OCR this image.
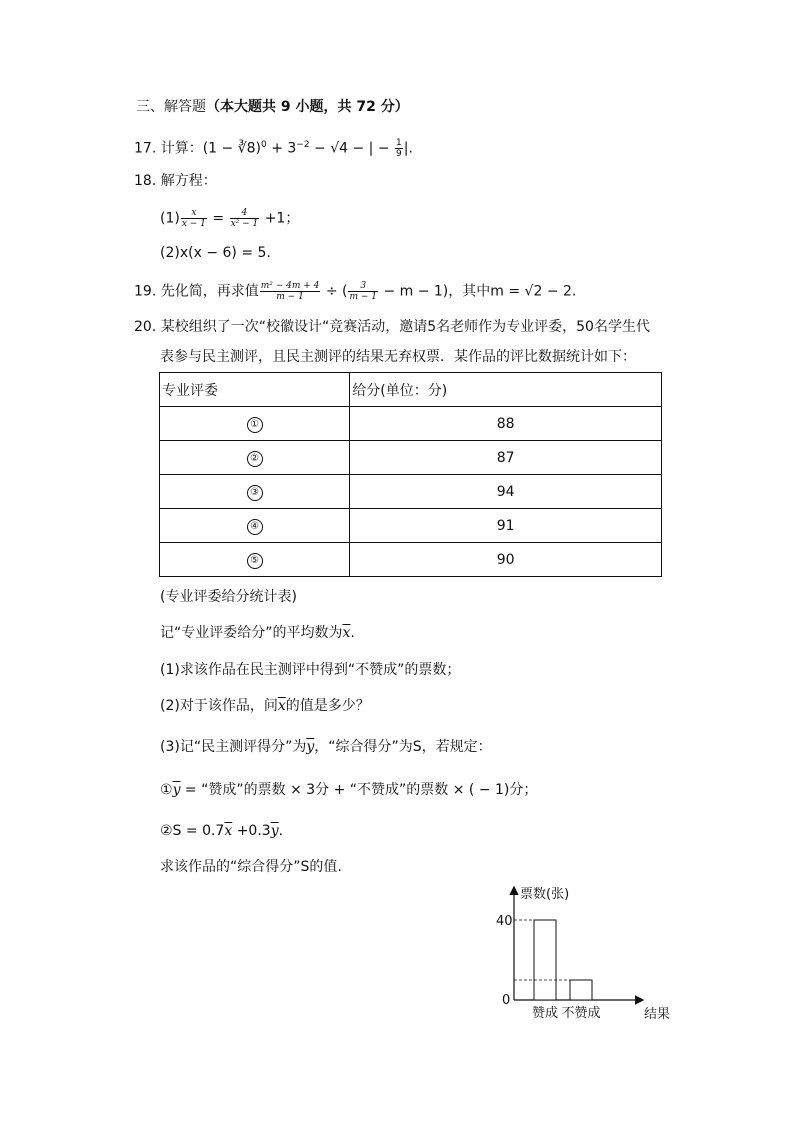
三、解答题（本大题共 9 小题，共 72 分）
17. 计算：(1 − ∛8)$^0$ + $3^{-2} - √4$ − | − $\frac{1}{9}$ |.
18. 解方程：
$(1) \frac{x}{x - 1} = \frac{4}{\text{x² − 1}} +1$；
(2)x(x − 6) = 5.
19. 先化简，再求值 $\frac{\text{m² − 4m + 4}}{m - 1}$ ÷ ( $\frac{3}{m - 1} - m - 1$)，其中m = √2 − 2.
20. 某校组织了一次“校徽设计“竞赛活动，邀请5名老师作为专业评委，50名学生代
表参与民主测评，且民主测评的结果无弃权票．某作品的评比数据统计如下：
专业评委	给分(单位：分)
①	88
②	87
③	94
④	91
⑤	90
(专业评委给分统计表)
记“专业评委给分”的平均数为$\overline{x}$.
(1)求该作品在民主测评中得到“不赞成”的票数；
(2)对于该作品，问$\overline{x}$的值是多少？
(3)记“民主测评得分”为$\overline{y}$，“综合得分”为S，若规定：
$①\overline{y}$ = “赞成”的票数 × 3分 + “不赞成”的票数 × ( − 1)分；
②S = $0.7\overline{x} +0.3\overline{y}$.
求该作品的“综合得分”S的值.
票数(张)
结果
40
0
赞成 不赞成
